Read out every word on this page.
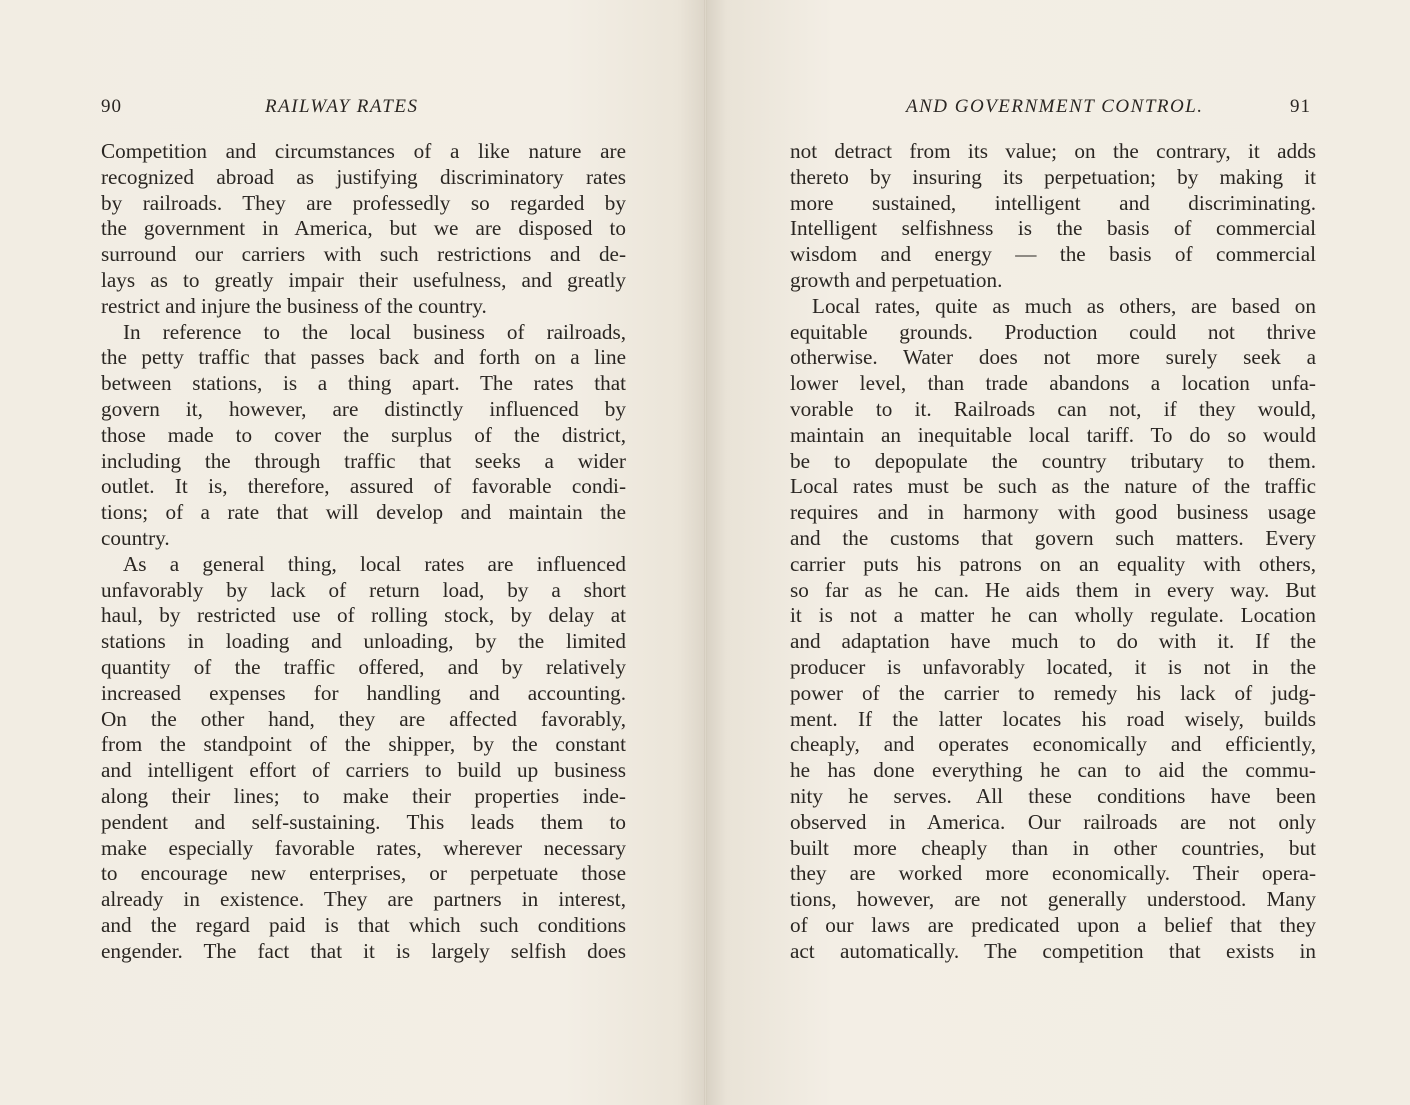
90	RAILWAY RATES
Competition and circumstances of a like nature are
recognized abroad as justifying discriminatory rates
by railroads. They are professedly so regarded by
the government in America, but we are disposed to
surround our carriers with such restrictions and de-
lays as to greatly impair their usefulness, and greatly
restrict and injure the business of the country.
In reference to the local business of railroads,
the petty traffic that passes back and forth on a line
between stations, is a thing apart. The rates that
govern it, however, are distinctly influenced by
those made to cover the surplus of the district,
including the through traffic that seeks a wider
outlet. It is, therefore, assured of favorable condi-
tions; of a rate that will develop and maintain the
country.
As a general thing, local rates are influenced
unfavorably by lack of return load, by a short
haul, by restricted use of rolling stock, by delay at
stations in loading and unloading, by the limited
quantity of the traffic offered, and by relatively
increased expenses for handling and accounting.
On the other hand, they are affected favorably,
from the standpoint of the shipper, by the constant
and intelligent effort of carriers to build up business
along their lines; to make their properties inde-
pendent and self-sustaining. This leads them to
make especially favorable rates, wherever necessary
to encourage new enterprises, or perpetuate those
already in existence. They are partners in interest,
and the regard paid is that which such conditions
engender. The fact that it is largely selfish does
AND GOVERNMENT CONTROL.	91
not detract from its value; on the contrary, it adds
thereto by insuring its perpetuation; by making it
more sustained, intelligent and discriminating.
Intelligent selfishness is the basis of commercial
wisdom and energy — the basis of commercial
growth and perpetuation.
Local rates, quite as much as others, are based on
equitable grounds. Production could not thrive
otherwise. Water does not more surely seek a
lower level, than trade abandons a location unfa-
vorable to it. Railroads can not, if they would,
maintain an inequitable local tariff. To do so would
be to depopulate the country tributary to them.
Local rates must be such as the nature of the traffic
requires and in harmony with good business usage
and the customs that govern such matters. Every
carrier puts his patrons on an equality with others,
so far as he can. He aids them in every way. But
it is not a matter he can wholly regulate. Location
and adaptation have much to do with it. If the
producer is unfavorably located, it is not in the
power of the carrier to remedy his lack of judg-
ment. If the latter locates his road wisely, builds
cheaply, and operates economically and efficiently,
he has done everything he can to aid the commu-
nity he serves. All these conditions have been
observed in America. Our railroads are not only
built more cheaply than in other countries, but
they are worked more economically. Their opera-
tions, however, are not generally understood. Many
of our laws are predicated upon a belief that they
act automatically. The competition that exists in
